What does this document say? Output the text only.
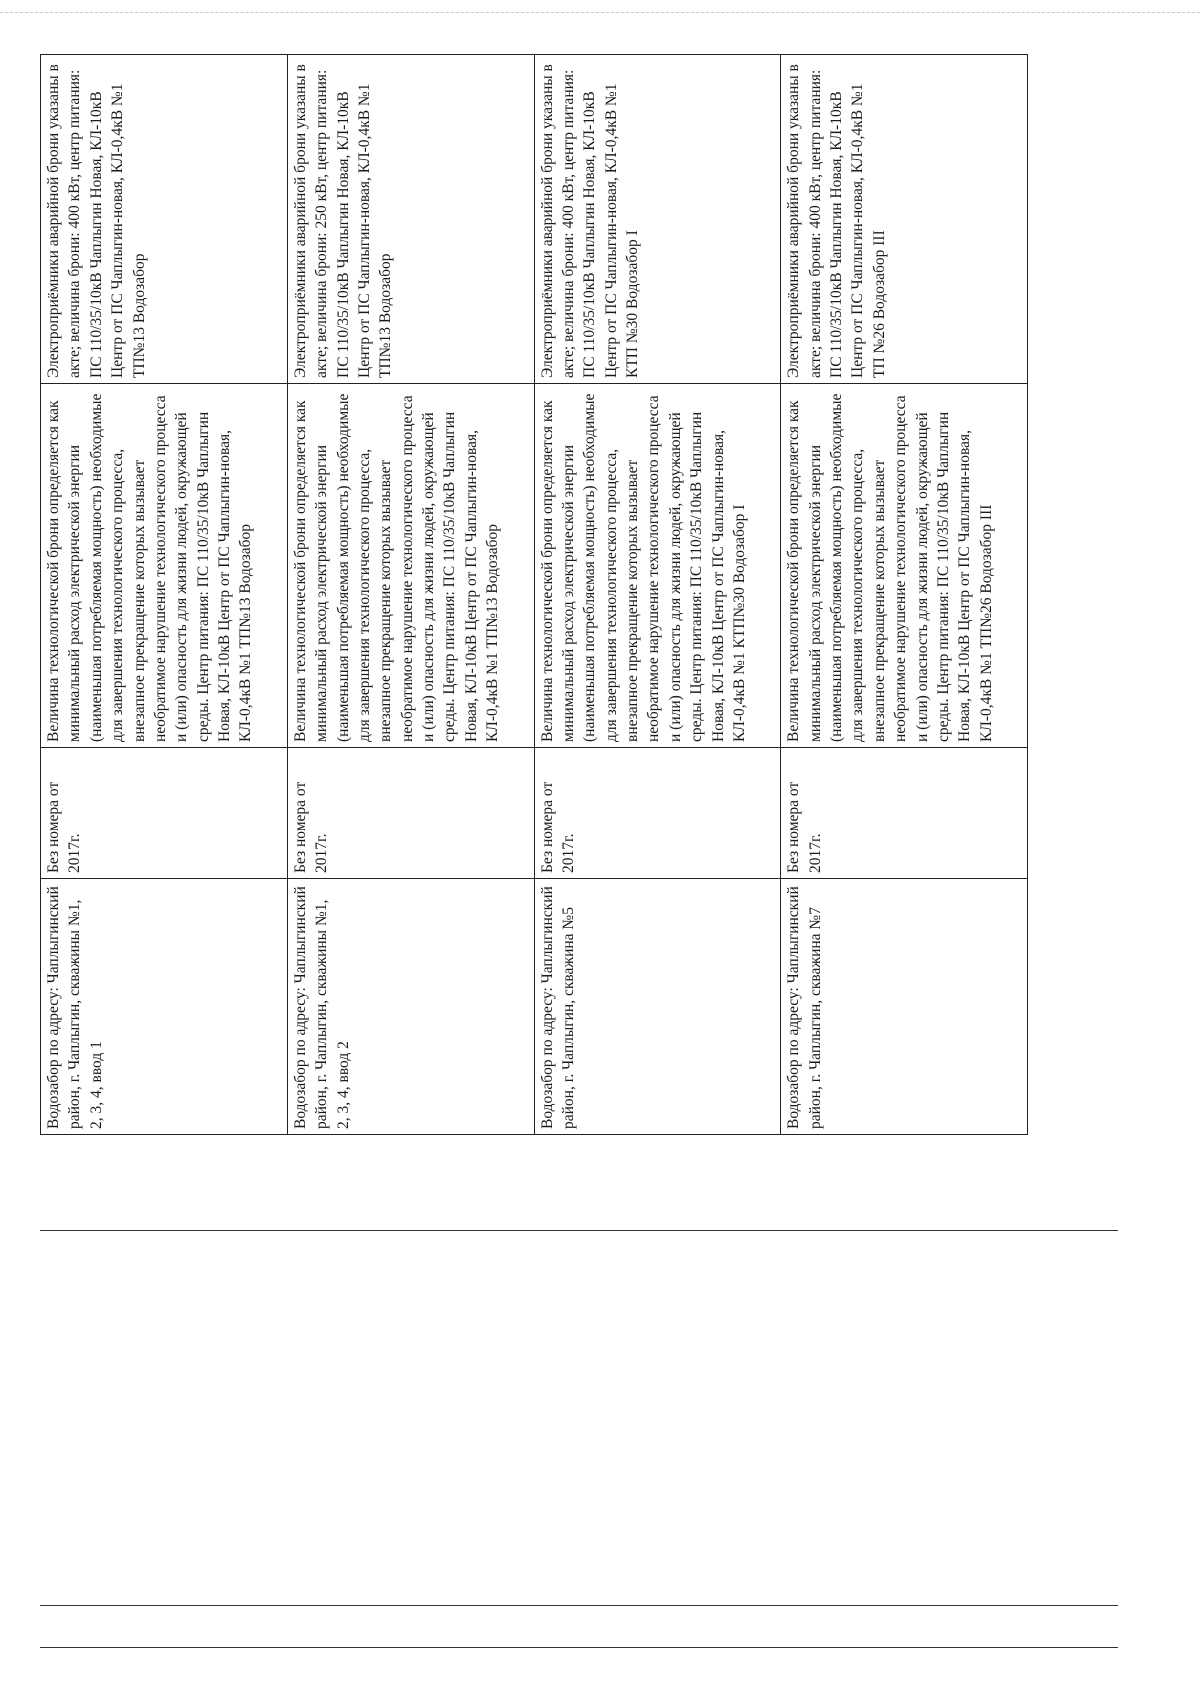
Водозабор по адресу: Чаплыгинский район, г. Чаплыгин, скважины №1, 2, 3, 4, ввод 1	Без номера от 2017г.	Величина технологической брони определяется как минимальный расход электрической энергии (наименьшая потребляемая мощность) необходимые для завершения технологического процесса, внезапное прекращение которых вызывает необратимое нарушение технологического процесса и (или) опасность для жизни людей, окружающей среды. Центр питания: ПС 110/35/10кВ Чаплыгин Новая, КЛ-10кВ Центр от ПС Чаплыгин-новая, КЛ-0,4кВ №1 ТП№13 Водозабор	Электроприёмники аварийной брони указаны в акте; величина брони: 400 кВт, центр питания: ПС 110/35/10кВ Чаплыгин Новая, КЛ-10кВ Центр от ПС Чаплыгин-новая, КЛ-0,4кВ №1 ТП№13 Водозабор

Водозабор по адресу: Чаплыгинский район, г. Чаплыгин, скважины №1, 2, 3, 4, ввод 2	Без номера от 2017г.	Величина технологической брони определяется как минимальный расход электрической энергии (наименьшая потребляемая мощность) необходимые для завершения технологического процесса, внезапное прекращение которых вызывает необратимое нарушение технологического процесса и (или) опасность для жизни людей, окружающей среды. Центр питания: ПС 110/35/10кВ Чаплыгин Новая, КЛ-10кВ Центр от ПС Чаплыгин-новая, КЛ-0,4кВ №1 ТП№13 Водозабор	Электроприёмники аварийной брони указаны в акте; величина брони: 250 кВт, центр питания: ПС 110/35/10кВ Чаплыгин Новая, КЛ-10кВ Центр от ПС Чаплыгин-новая, КЛ-0,4кВ №1 ТП№13 Водозабор

Водозабор по адресу: Чаплыгинский район, г. Чаплыгин, скважина №5	Без номера от 2017г.	Величина технологической брони определяется как минимальный расход электрической энергии (наименьшая потребляемая мощность) необходимые для завершения технологического процесса, внезапное прекращение которых вызывает необратимое нарушение технологического процесса и (или) опасность для жизни людей, окружающей среды. Центр питания: ПС 110/35/10кВ Чаплыгин Новая, КЛ-10кВ Центр от ПС Чаплыгин-новая, КЛ-0,4кВ №1 КТП№30 Водозабор I	Электроприёмники аварийной брони указаны в акте; величина брони: 400 кВт, центр питания: ПС 110/35/10кВ Чаплыгин Новая, КЛ-10кВ Центр от ПС Чаплыгин-новая, КЛ-0,4кВ №1 КТП №30 Водозабор I

Водозабор по адресу: Чаплыгинский район, г. Чаплыгин, скважина №7	Без номера от 2017г.	Величина технологической брони определяется как минимальный расход электрической энергии (наименьшая потребляемая мощность) необходимые для завершения технологического процесса, внезапное прекращение которых вызывает необратимое нарушение технологического процесса и (или) опасность для жизни людей, окружающей среды. Центр питания: ПС 110/35/10кВ Чаплыгин Новая, КЛ-10кВ Центр от ПС Чаплыгин-новая, КЛ-0,4кВ №1 ТП№26 Водозабор III	Электроприёмники аварийной брони указаны в акте; величина брони: 400 кВт, центр питания: ПС 110/35/10кВ Чаплыгин Новая, КЛ-10кВ Центр от ПС Чаплыгин-новая, КЛ-0,4кВ №1 ТП №26 Водозабор III
